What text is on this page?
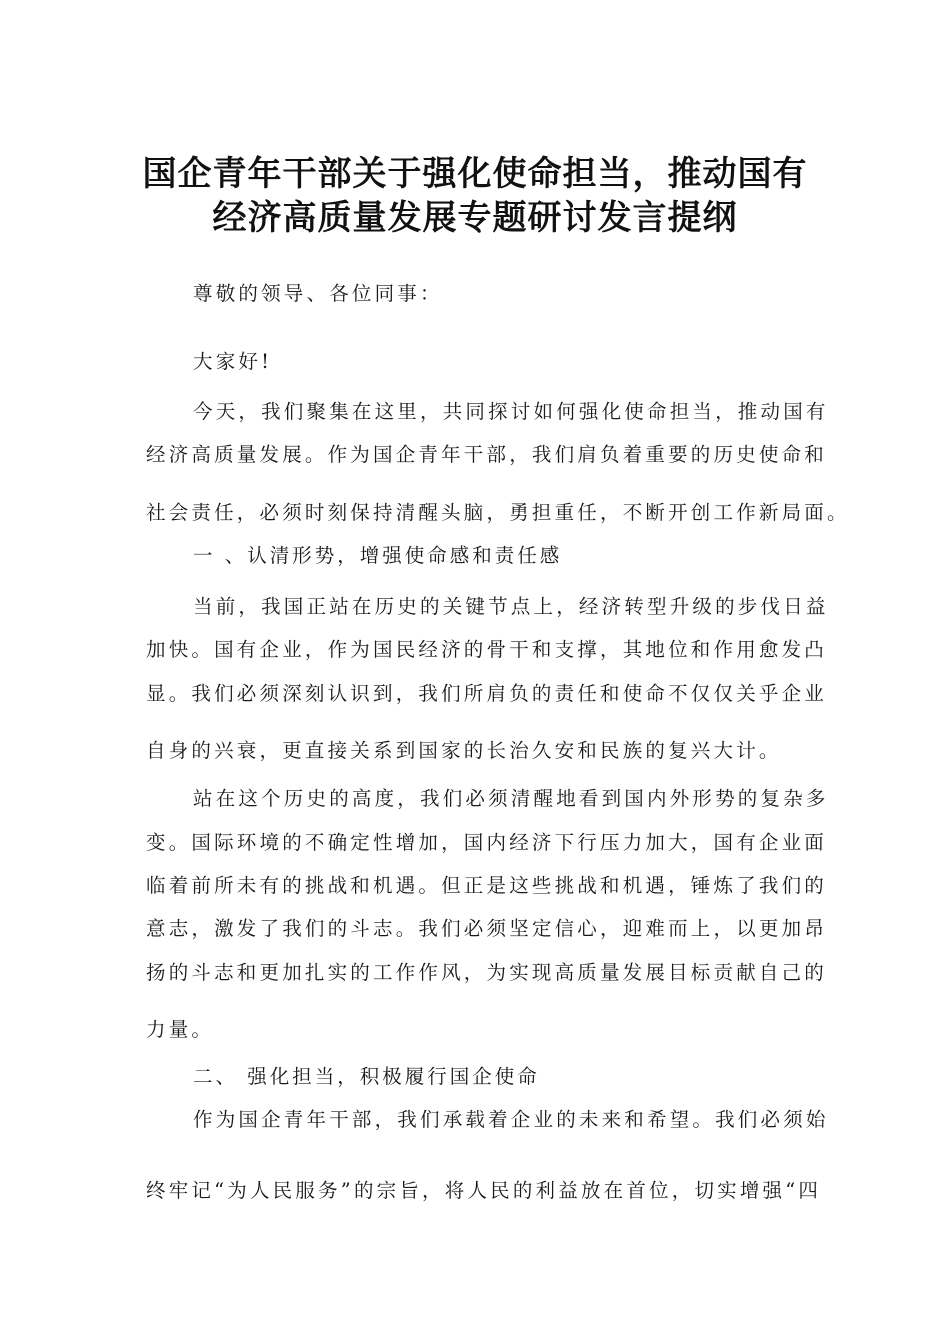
国企青年干部关于强化使命担当，推动国有
经济高质量发展专题研讨发言提纲

尊敬的领导、各位同事：

大家好!

今天，我们聚集在这里，共同探讨如何强化使命担当，推动国有

经济高质量发展。作为国企青年干部，我们肩负着重要的历史使命和

社会责任，必须时刻保持清醒头脑，勇担重任，不断开创工作新局面。

一 、认清形势，增强使命感和责任感

当前，我国正站在历史的关键节点上，经济转型升级的步伐日益

加快。国有企业，作为国民经济的骨干和支撑，其地位和作用愈发凸

显。我们必须深刻认识到，我们所肩负的责任和使命不仅仅关乎企业

自身的兴衰，更直接关系到国家的长治久安和民族的复兴大计。

站在这个历史的高度，我们必须清醒地看到国内外形势的复杂多

变。国际环境的不确定性增加，国内经济下行压力加大，国有企业面

临着前所未有的挑战和机遇。但正是这些挑战和机遇，锤炼了我们的

意志，激发了我们的斗志。我们必须坚定信心，迎难而上，以更加昂

扬的斗志和更加扎实的工作作风，为实现高质量发展目标贡献自己的

力量。

二、 强化担当，积极履行国企使命

作为国企青年干部，我们承载着企业的未来和希望。我们必须始

终牢记“为人民服务”的宗旨，将人民的利益放在首位，切实增强“四
